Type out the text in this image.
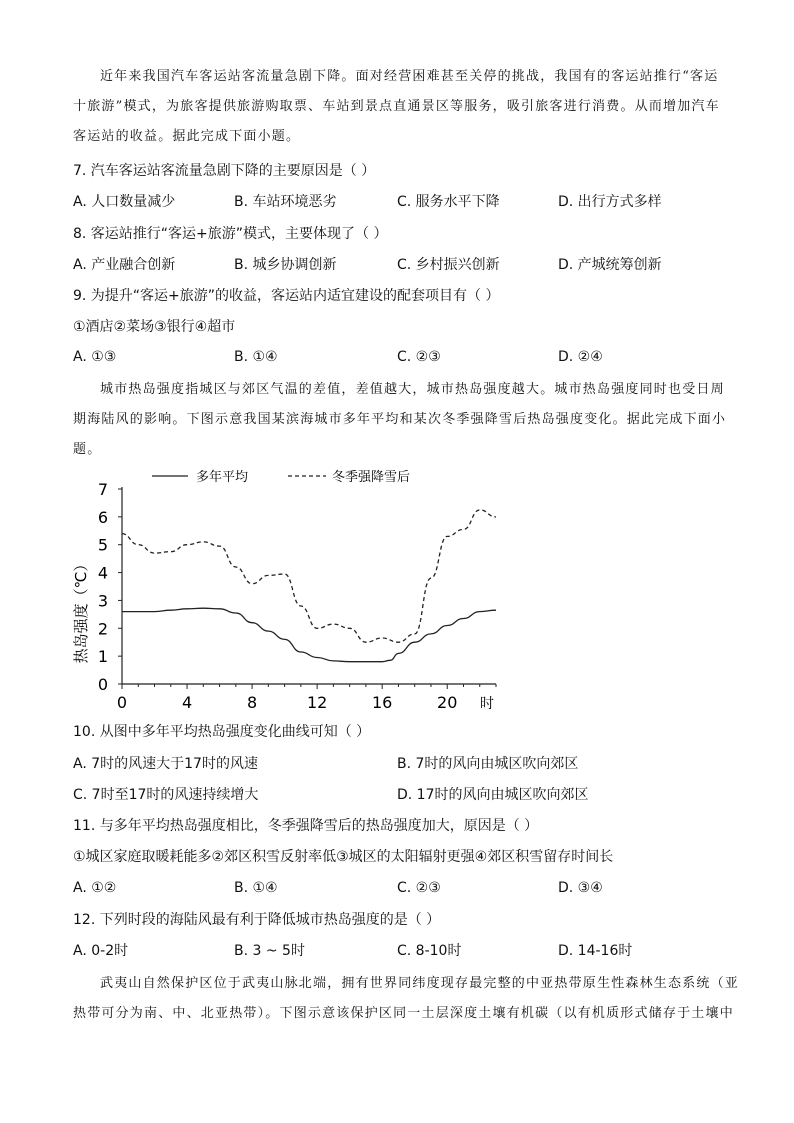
近年来我国汽车客运站客流量急剧下降。面对经营困难甚至关停的挑战，我国有的客运站推行“客运
十旅游”模式，为旅客提供旅游购取票、车站到景点直通景区等服务，吸引旅客进行消费。从而增加汽车
客运站的收益。据此完成下面小题。
7. 汽车客运站客流量急剧下降的主要原因是（ ）
A. 人口数量减少	B. 车站环境恶劣	C. 服务水平下降	D. 出行方式多样
8. 客运站推行“客运+旅游”模式，主要体现了（ ）
A. 产业融合创新	B. 城乡协调创新	C. 乡村振兴创新	D. 产城统筹创新
9. 为提升“客运+旅游”的收益，客运站内适宜建设的配套项目有（ ）
①酒店②菜场③银行④超市
A. ①③	B. ①④	C. ②③	D. ②④
城市热岛强度指城区与郊区气温的差值，差值越大，城市热岛强度越大。城市热岛强度同时也受日周
期海陆风的影响。下图示意我国某滨海城市多年平均和某次冬季强降雪后热岛强度变化。据此完成下面小
题。
0
1
2
3
4
5
6
7
0	4	8	12	16	20
多年平均	冬季强降雪后
热岛强度（℃）
时
10. 从图中多年平均热岛强度变化曲线可知（ ）
A. 7时的风速大于17时的风速	B. 7时的风向由城区吹向郊区
C. 7时至17时的风速持续增大	D. 17时的风向由城区吹向郊区
11. 与多年平均热岛强度相比，冬季强降雪后的热岛强度加大，原因是（ ）
①城区家庭取暖耗能多②郊区积雪反射率低③城区的太阳辐射更强④郊区积雪留存时间长
A. ①②	B. ①④	C. ②③	D. ③④
12. 下列时段的海陆风最有利于降低城市热岛强度的是（ ）
A. 0-2时	B. 3 ~ 5时	C. 8-10时	D. 14-16时
武夷山自然保护区位于武夷山脉北端，拥有世界同纬度现存最完整的中亚热带原生性森林生态系统（亚
热带可分为南、中、北亚热带）。下图示意该保护区同一土层深度土壤有机碳（以有机质形式储存于土壤中
